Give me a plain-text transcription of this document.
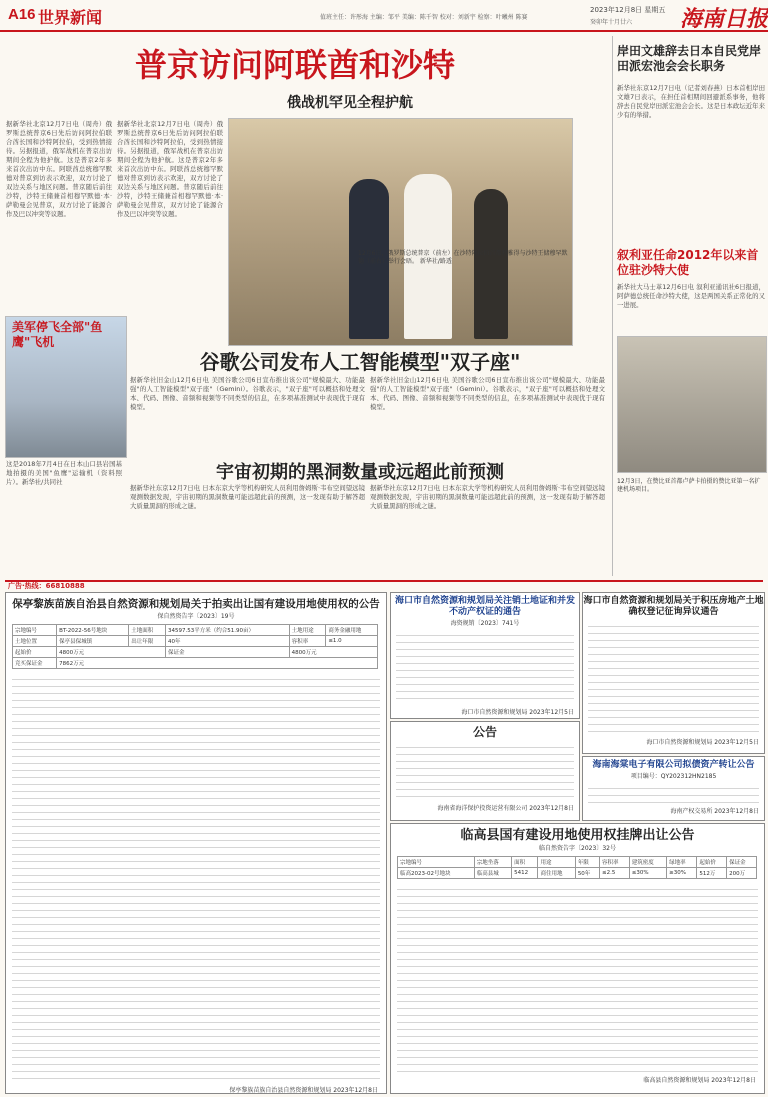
A16 世界新闻	值班主任：许彤海 主编：邹平 美编：陈千智 校对：刘新宇 检察：叶曦州 陈赛
2023年12月8日 星期五
癸卯年十月廿六 海南日报
普京访问阿联酋和沙特
俄战机罕见全程护航
据新华社北京12月7日电（周舟）俄罗斯总统普京6日先后访问阿拉伯联合酋长国和沙特阿拉伯，受到热情接待。另据报道，俄军战机在普京出访期间全程为他护航。这是普京2年多来首次出访中东。阿联酋总统穆罕默德对普京到访表示欢迎，双方讨论了双边关系与地区问题。普京随后前往沙特，沙特王储兼首相穆罕默德·本·萨勒曼会见普京，双方讨论了能源合作及巴以冲突等议题。
据新华社北京12月7日电（周舟）俄罗斯总统普京6日先后访问阿拉伯联合酋长国和沙特阿拉伯，受到热情接待。另据报道，俄军战机在普京出访期间全程为他护航。这是普京2年多来首次出访中东。阿联酋总统穆罕默德对普京到访表示欢迎，双方讨论了双边关系与地区问题。普京随后前往沙特，沙特王储兼首相穆罕默德·本·萨勒曼会见普京，双方讨论了能源合作及巴以冲突等议题。
12月6日，俄罗斯总统普京（前左）在沙特阿拉伯首都利雅得与沙特王储穆罕默德（前右）举行会晤。 新华社/路透
岸田文雄辞去日本自民党岸田派宏池会会长职务
新华社东京12月7日电（记者刘春燕）日本首相岸田文雄7日表示，在担任首相期间回避派系事务，他将辞去自民党岸田派宏池会会长。这是日本政坛近年来少有的举措。
叙利亚任命2012年以来首位驻沙特大使
新华社大马士革12月6日电 叙利亚通讯社6日报道，阿萨德总统任命沙特大使，这是两国关系正常化的又一进展。
12月3日，在赞比亚首都卢萨卡拍摄的赞比亚第一名扩建机场项目。
美军停飞全部"鱼鹰"飞机
这是2018年7月4日在日本山口县岩国基地拍摄的美国"鱼鹰"运输机（资料照片）。新华社/共同社
谷歌公司发布人工智能模型"双子座"
据新华社旧金山12月6日电 美国谷歌公司6日宣布推出该公司"规模最大、功能最强"的人工智能模型"双子座"（Gemini）。谷歌表示，"双子座"可以概括和处理文本、代码、图像、音频和视频等不同类型的信息，在多项基准测试中表现优于现有模型。
据新华社旧金山12月6日电 美国谷歌公司6日宣布推出该公司"规模最大、功能最强"的人工智能模型"双子座"（Gemini）。谷歌表示，"双子座"可以概括和处理文本、代码、图像、音频和视频等不同类型的信息，在多项基准测试中表现优于现有模型。
宇宙初期的黑洞数量或远超此前预测
据新华社东京12月7日电 日本东京大学等机构研究人员利用詹姆斯·韦布空间望远镜观测数据发现，宇宙初期的黑洞数量可能远超此前的预测，这一发现有助于解答超大质量黑洞的形成之谜。
据新华社东京12月7日电 日本东京大学等机构研究人员利用詹姆斯·韦布空间望远镜观测数据发现，宇宙初期的黑洞数量可能远超此前的预测，这一发现有助于解答超大质量黑洞的形成之谜。
广告·热线：66810888
保亭黎族苗族自治县自然资源和规划局关于拍卖出让国有建设用地使用权的公告
保自然资告字〔2023〕19号
宗地编号	BT-2022-56号地块	土地面积	34597.53平方米（约合51.90亩）	土地用途	商务金融用地
土地位置	保亭县保城镇	出让年限	40年	容积率	≤1.0
起始价	4800万元		保证金	4800万元	
竞买保证金	7862万元				
保亭黎族苗族自治县自然资源和规划局 2023年12月8日
海口市自然资源和规划局关注销土地证和并发不动产权证的通告
海资规销〔2023〕741号
海口市自然资源和规划局 2023年12月5日
公告
海南省海洋保护投资运营有限公司 2023年12月8日
海口市自然资源和规划局关于积压房地产土地确权登记征询异议通告
海口市自然资源和规划局 2023年12月5日
海南海棠电子有限公司拟债资产转让公告
项目编号：QY202312HN2185
海南产权交易所 2023年12月8日
临高县国有建设用地使用权挂牌出让公告
临自然资告字〔2023〕32号
宗地编号	宗地坐落	面积	用途	年限	容积率	建筑密度	绿地率	起始价	保证金
临高2023-02号地块	临高县城	5412	商住用地	50年	≤2.5	≤30%	≥30%	512万	200万
临高县自然资源和规划局 2023年12月8日
